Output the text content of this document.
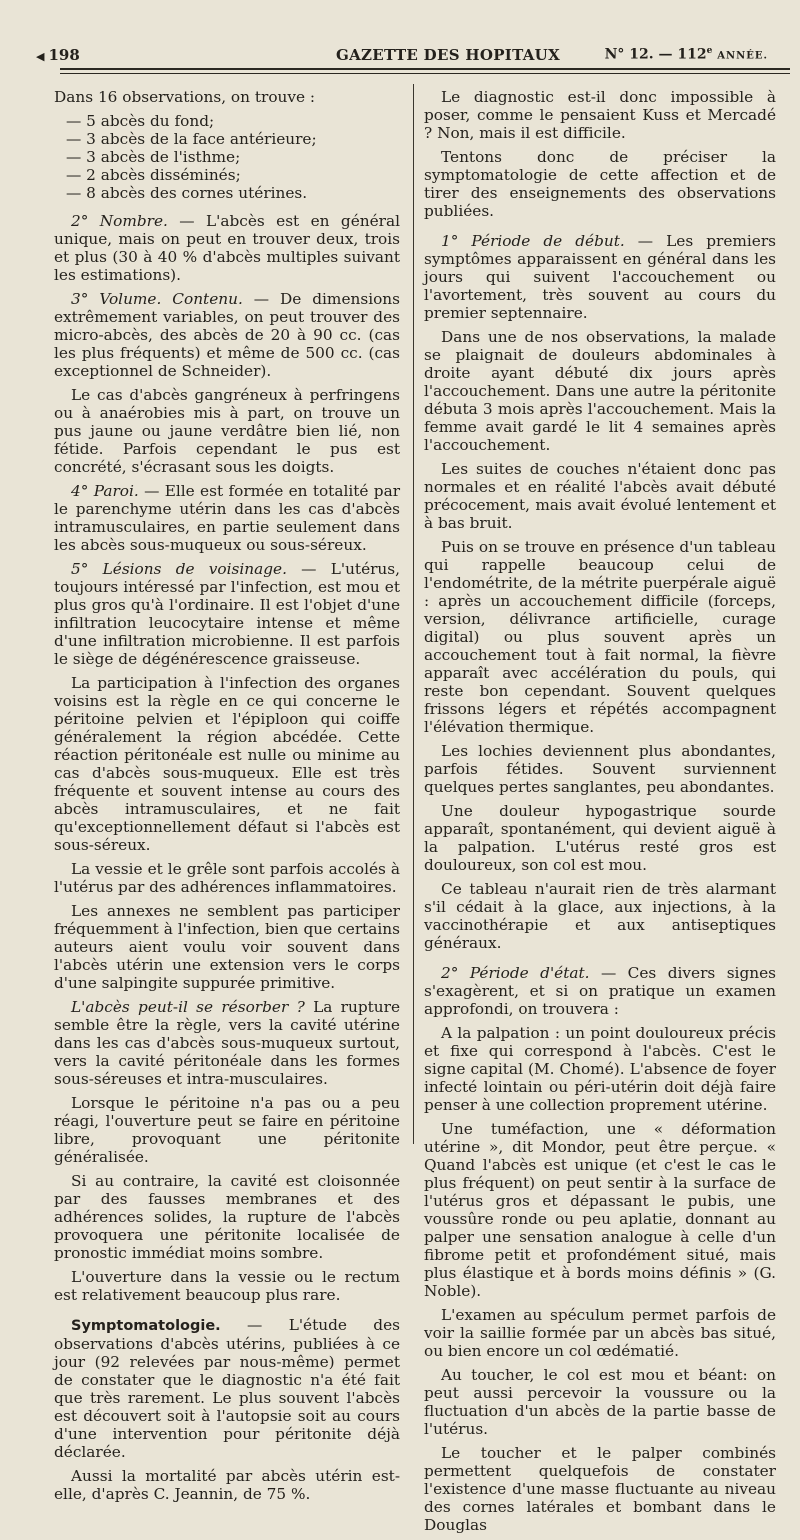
◀ 198	GAZETTE DES HOPITAUX	N° 12. — 112e ANNÉE.

Dans 16 observations, on trouve :

— 5 abcès du fond;
— 3 abcès de la face antérieure;
— 3 abcès de l'isthme;
— 2 abcès disséminés;
— 8 abcès des cornes utérines.

2° Nombre. — L'abcès est en général unique, mais on peut en trouver deux, trois et plus (30 à 40 % d'abcès multiples suivant les estimations).

3° Volume. Contenu. — De dimensions extrêmement variables, on peut trouver des micro-abcès, des abcès de 20 à 90 cc. (cas les plus fréquents) et même de 500 cc. (cas exceptionnel de Schneider).

Le cas d'abcès gangréneux à perfringens ou à anaérobies mis à part, on trouve un pus jaune ou jaune verdâtre bien lié, non fétide. Parfois cependant le pus est concrété, s'écrasant sous les doigts.

4° Paroi. — Elle est formée en totalité par le parenchyme utérin dans les cas d'abcès intramusculaires, en partie seulement dans les abcès sous-muqueux ou sous-séreux.

5° Lésions de voisinage. — L'utérus, toujours intéressé par l'infection, est mou et plus gros qu'à l'ordinaire. Il est l'objet d'une infiltration leucocytaire intense et même d'une infiltration microbienne. Il est parfois le siège de dégénérescence graisseuse.

La participation à l'infection des organes voisins est la règle en ce qui concerne le péritoine pelvien et l'épiploon qui coiffe généralement la région abcédée. Cette réaction péritonéale est nulle ou minime au cas d'abcès sous-muqueux. Elle est très fréquente et souvent intense au cours des abcès intramusculaires, et ne fait qu'exceptionnellement défaut si l'abcès est sous-séreux.

La vessie et le grêle sont parfois accolés à l'utérus par des adhérences inflammatoires.

Les annexes ne semblent pas participer fréquemment à l'infection, bien que certains auteurs aient voulu voir souvent dans l'abcès utérin une extension vers le corps d'une salpingite suppurée primitive.

L'abcès peut-il se résorber ? La rupture semble être la règle, vers la cavité utérine dans les cas d'abcès sous-muqueux surtout, vers la cavité péritonéale dans les formes sous-séreuses et intra-musculaires.

Lorsque le péritoine n'a pas ou a peu réagi, l'ouverture peut se faire en péritoine libre, provoquant une péritonite généralisée.

Si au contraire, la cavité est cloisonnée par des fausses membranes et des adhérences solides, la rupture de l'abcès provoquera une péritonite localisée de pronostic immédiat moins sombre.

L'ouverture dans la vessie ou le rectum est relativement beaucoup plus rare.

Symptomatologie. — L'étude des observations d'abcès utérins, publiées à ce jour (92 relevées par nous-même) permet de constater que le diagnostic n'a été fait que très rarement. Le plus souvent l'abcès est découvert soit à l'autopsie soit au cours d'une intervention pour péritonite déjà déclarée.

Aussi la mortalité par abcès utérin est-elle, d'après C. Jeannin, de 75 %.

Le diagnostic est-il donc impossible à poser, comme le pensaient Kuss et Mercadé ? Non, mais il est difficile.

Tentons donc de préciser la symptomatologie de cette affection et de tirer des enseignements des observations publiées.

1° Période de début. — Les premiers symptômes apparaissent en général dans les jours qui suivent l'accouchement ou l'avortement, très souvent au cours du premier septennaire.

Dans une de nos observations, la malade se plaignait de douleurs abdominales à droite ayant débuté dix jours après l'accouchement. Dans une autre la péritonite débuta 3 mois après l'accouchement. Mais la femme avait gardé le lit 4 semaines après l'accouchement.

Les suites de couches n'étaient donc pas normales et en réalité l'abcès avait débuté précocement, mais avait évolué lentement et à bas bruit.

Puis on se trouve en présence d'un tableau qui rappelle beaucoup celui de l'endométrite, de la métrite puerpérale aiguë : après un accouchement difficile (forceps, version, délivrance artificielle, curage digital) ou plus souvent après un accouchement tout à fait normal, la fièvre apparaît avec accélération du pouls, qui reste bon cependant. Souvent quelques frissons légers et répétés accompagnent l'élévation thermique.

Les lochies deviennent plus abondantes, parfois fétides. Souvent surviennent quelques pertes sanglantes, peu abondantes.

Une douleur hypogastrique sourde apparaît, spontanément, qui devient aiguë à la palpation. L'utérus resté gros est douloureux, son col est mou.

Ce tableau n'aurait rien de très alarmant s'il cédait à la glace, aux injections, à la vaccinothérapie et aux antiseptiques généraux.

2° Période d'état. — Ces divers signes s'exagèrent, et si on pratique un examen approfondi, on trouvera :

A la palpation : un point douloureux précis et fixe qui correspond à l'abcès. C'est le signe capital (M. Chomé). L'absence de foyer infecté lointain ou péri-utérin doit déjà faire penser à une collection proprement utérine.

Une tuméfaction, une « déformation utérine », dit Mondor, peut être perçue. « Quand l'abcès est unique (et c'est le cas le plus fréquent) on peut sentir à la surface de l'utérus gros et dépassant le pubis, une voussûre ronde ou peu aplatie, donnant au palper une sensation analogue à celle d'un fibrome petit et profondément situé, mais plus élastique et à bords moins définis » (G. Noble).

L'examen au spéculum permet parfois de voir la saillie formée par un abcès bas situé, ou bien encore un col œdématié.

Au toucher, le col est mou et béant: on peut aussi percevoir la voussure ou la fluctuation d'un abcès de la partie basse de l'utérus.

Le toucher et le palper combinés permettent quelquefois de constater l'existence d'une masse fluctuante au niveau des cornes latérales et bombant dans le Douglas
